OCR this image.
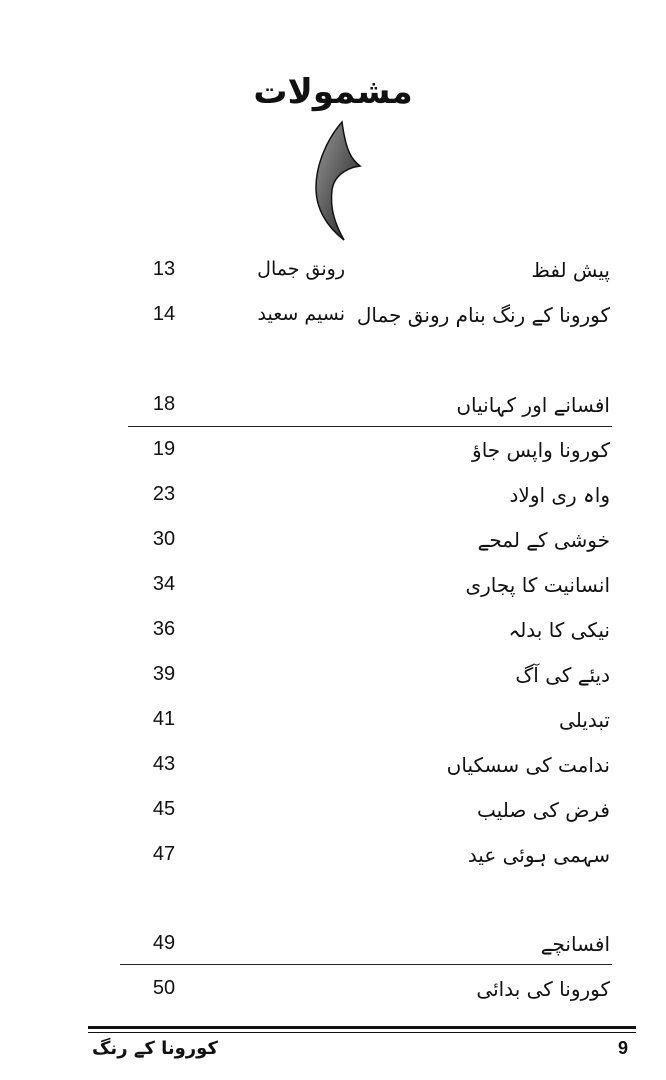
مشمولات
پیش لفظ
رونق جمال
13
کورونا کے رنگ بنام رونق جمال
نسیم سعید
14
افسانے اور کہانیاں
18
کورونا واپس جاؤ
19
واہ ری اولاد
23
خوشی کے لمحے
30
انسانیت کا پجاری
34
نیکی کا بدلہ
36
دیئے کی آگ
39
تبدیلی
41
ندامت کی سسکیاں
43
فرض کی صلیب
45
سہمی ہوئی عید
47
افسانچے
49
کورونا کی بدائی
50
کورونا کے رنگ	9
